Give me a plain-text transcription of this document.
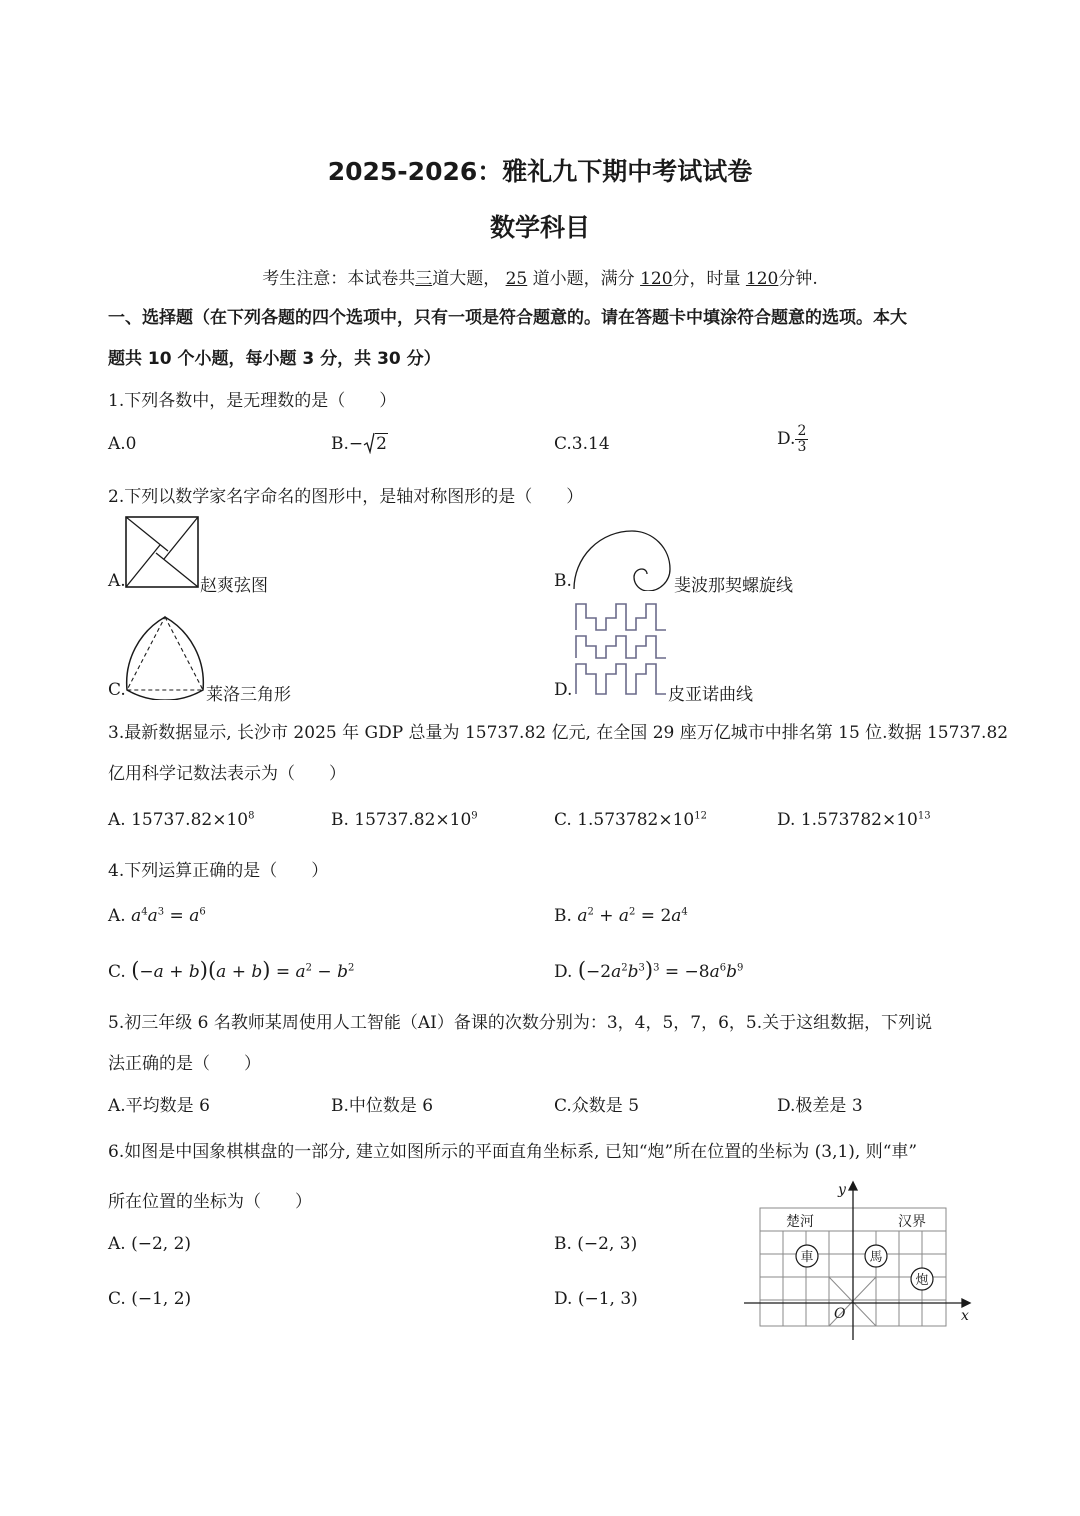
2025-2026：雅礼九下期中考试试卷
数学科目
考生注意：本试卷共三道大题， 25 道小题，满分 120分，时量 120分钟.
一、选择题（在下列各题的四个选项中，只有一项是符合题意的。请在答题卡中填涂符合题意的选项。本大
题共 10 个小题，每小题 3 分，共 30 分）
1.下列各数中，是无理数的是（　　）
A.0	B.− 2	C.3.14	D. $\frac{2}{3}$
2.下列以数学家名字命名的图形中，是轴对称图形的是（　　）
A.	赵爽弦图	B.	斐波那契螺旋线
C.	莱洛三角形	D.	皮亚诺曲线
3.最新数据显示, 长沙市 2025 年 GDP 总量为 15737.82 亿元, 在全国 29 座万亿城市中排名第 15 位.数据 15737.82
亿用科学记数法表示为（　　）
A. $15737.82\times 10^8$	B. $15737.82\times 10^9$	C. $1.573782\times 10^{12}$	D. $1.573782\times 10^{13}$
4.下列运算正确的是（　　）
A. $a^4a^3 = a^6$	B. $a^2 + a^2 = 2a^4$
C. $(-a + b)(a + b) = a^2 - b^2$	D. $(-2a^2b^3)^3 = -8a^6b^9$
5.初三年级 6 名教师某周使用人工智能（AI）备课的次数分别为：3，4，5，7，6，5.关于这组数据，下列说
法正确的是（　　）
A.平均数是 6	B.中位数是 6	C.众数是 5	D.极差是 3
6.如图是中国象棋棋盘的一部分, 建立如图所示的平面直角坐标系, 已知“炮”所在位置的坐标为 (3,1), 则“車”
所在位置的坐标为（　　）
A. (−2, 2)	B. (−2, 3)
C. (−1, 2)	D. (−1, 3)
楚河	汉界
車	馬
炮
x
y
O
